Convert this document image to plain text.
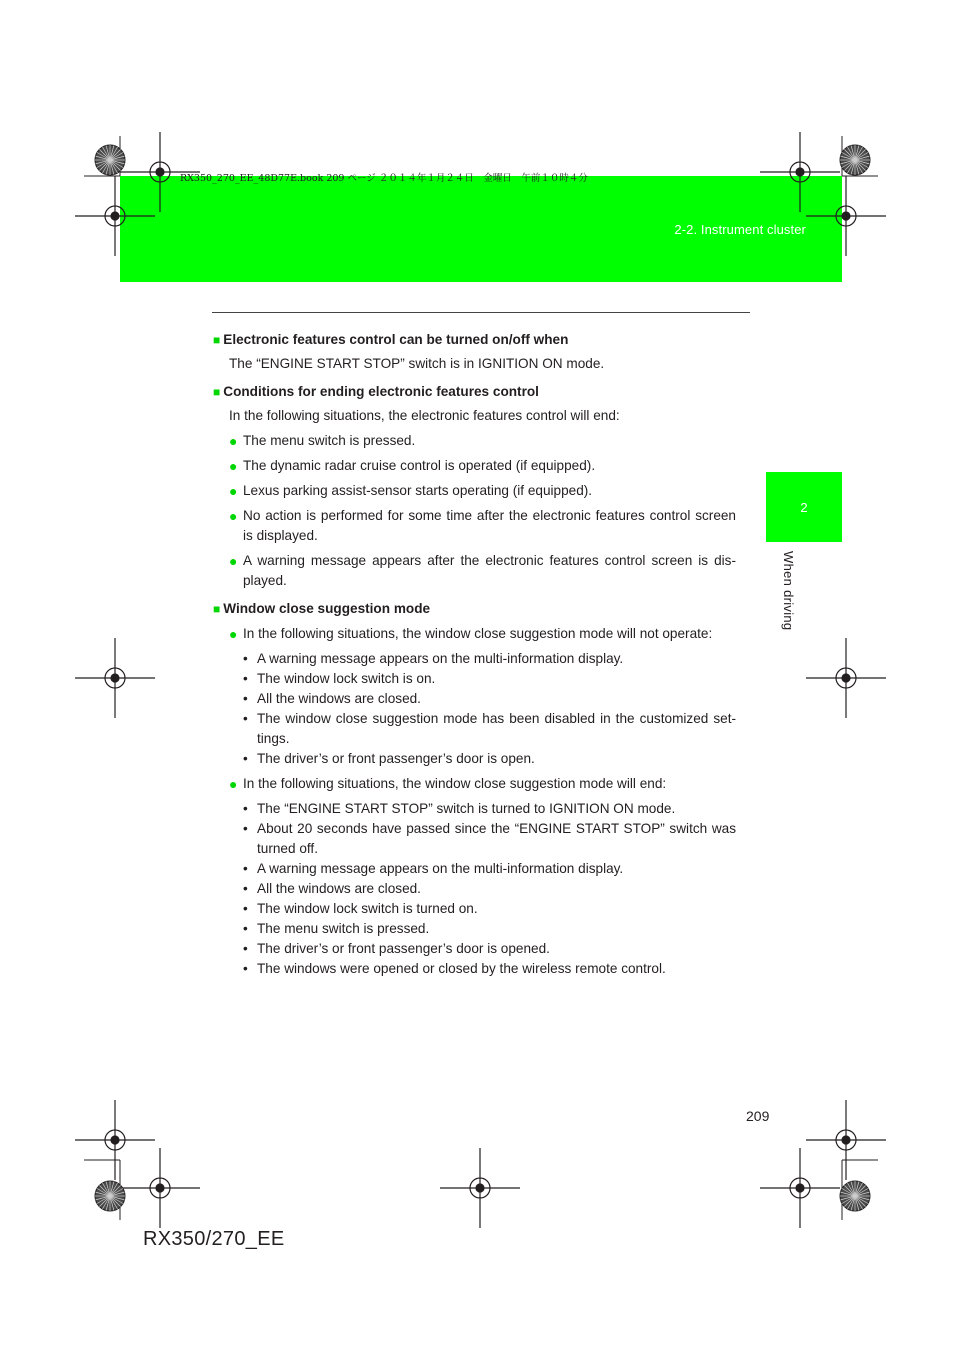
2-2. Instrument cluster
RX350_270_EE_48D77E.book 209 ページ ２０１４年１月２４日　金曜日　午前１０時４分
2
When driving

■ Electronic features control can be turned on/off when

The “ENGINE START STOP” switch is in IGNITION ON mode.

■ Conditions for ending electronic features control

In the following situations, the electronic features control will end:

● The menu switch is pressed.

● The dynamic radar cruise control is operated (if equipped).

● Lexus parking assist-sensor starts operating (if equipped).

● No action is performed for some time after the electronic features control screen is displayed.

● A warning message appears after the electronic features control screen is dis-played.

■ Window close suggestion mode

● In the following situations, the window close suggestion mode will not operate:

• A warning message appears on the multi-information display.

• The window lock switch is on.

• All the windows are closed.

• The window close suggestion mode has been disabled in the customized set-tings.

• The driver’s or front passenger’s door is open.

● In the following situations, the window close suggestion mode will end:

• The “ENGINE START STOP” switch is turned to IGNITION ON mode.

• About 20 seconds have passed since the “ENGINE START STOP” switch was turned off.

• A warning message appears on the multi-information display.

• All the windows are closed.

• The window lock switch is turned on.

• The menu switch is pressed.

• The driver’s or front passenger’s door is opened.

• The windows were opened or closed by the wireless remote control.

209
RX350/270_EE
